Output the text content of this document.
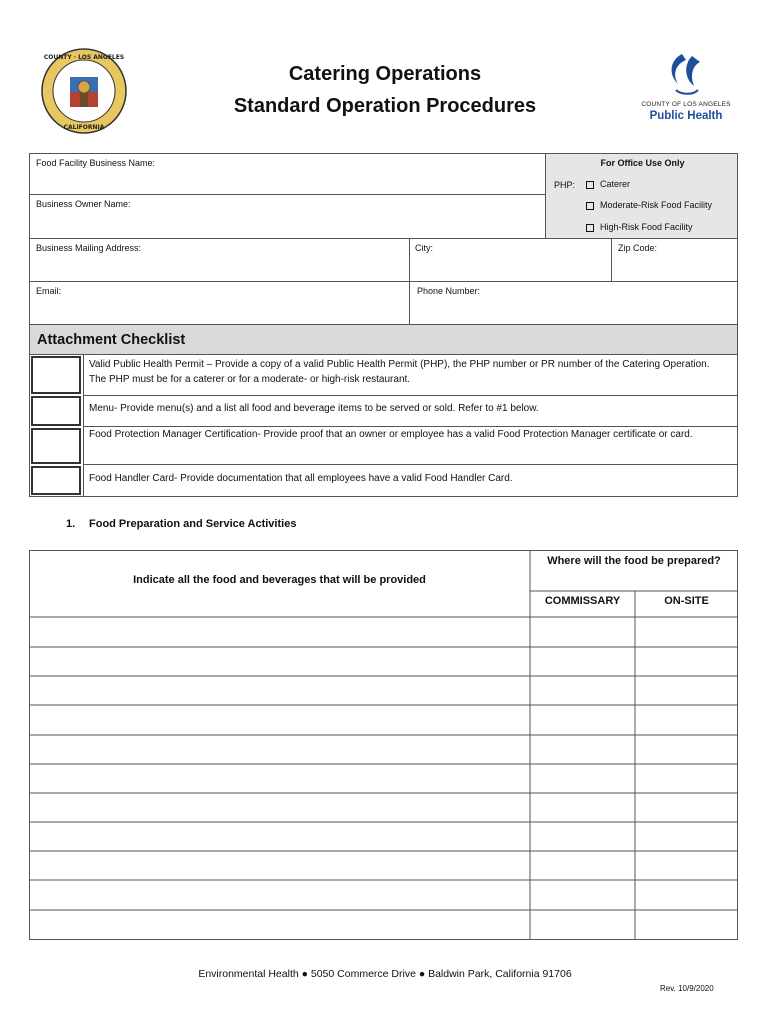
COUNTY · LOS ANGELES
CALIFORNIA
Catering Operations
Standard Operation Procedures	COUNTY OF LOS ANGELES
Public Health
Food Facility Business Name:
Business Owner Name:
For Office Use Only
PHP:	Caterer
Moderate-Risk Food Facility
High-Risk Food Facility
Business Mailing Address:	City:	Zip Code:
Email:	Phone Number:
Attachment Checklist
Valid Public Health Permit – Provide a copy of a valid Public Health Permit (PHP), the PHP number or PR number of the Catering Operation. The PHP must be for a caterer or for a moderate- or high-risk restaurant.
Menu- Provide menu(s) and a list all food and beverage items to be served or sold. Refer to #1 below.
Food Protection Manager Certification- Provide proof that an owner or employee has a valid Food Protection Manager certificate or card.
Food Handler Card- Provide documentation that all employees have a valid Food Handler Card.
1. Food Preparation and Service Activities
Indicate all the food and beverages that will be provided
Where will the food be prepared?
COMMISSARY	ON-SITE
Environmental Health ● 5050 Commerce Drive ● Baldwin Park, California 91706
Rev. 10/9/2020
